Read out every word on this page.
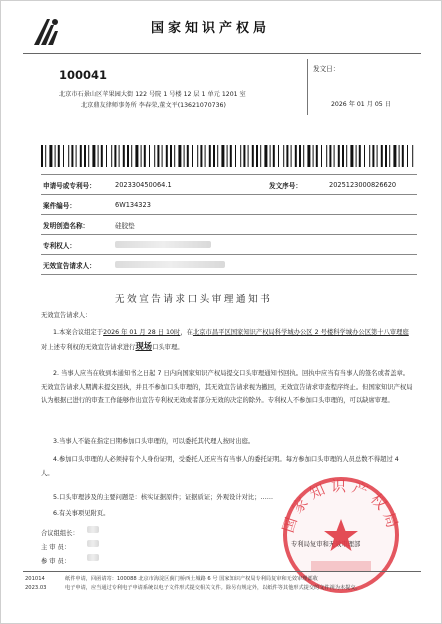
国家知识产权局
100041
北京市石景山区苹果园大街 122 号院 1 号楼 12 层 1 单元 1201 室
北京鼎友律师事务所 李春荣,董文平(13621070736)
发文日：
2026 年 01 月 05 日
申请号或专利号：	202330450064.1	发文序号：	2025123000826620
案件编号：	6W134323		
发明创造名称：	硅胶垫		
专利权人：			
无效宣告请求人：			
无效宣告请求口头审理通知书
无效宣告请求人：
1.本案合议组定于2026 年 01 月 28 日 10时，在北京市昌平区国家知识产权局科学城办公区 2 号楼科学城办公区第十八审理庭对上述专利权的无效宣告请求进行现场口头审理。
2. 当事人应当在收到本通知书之日起 7 日内向国家知识产权局提交口头审理通知书回执。回执中应当有当事人的签名或者盖章。无效宣告请求人期满未提交回执，并且不参加口头审理的，其无效宣告请求视为撤回，无效宣告请求审查程序终止。但国家知识产权局认为根据已进行的审查工作能够作出宣告专利权无效或者部分无效的决定的除外。专利权人不参加口头审理的，可以缺席审理。
3.当事人不能在指定日期参加口头审理的，可以委托其代理人按时出庭。
4.参加口头审理的人必须持有个人身份证明，受委托人还应当有当事人的委托证明。每方参加口头审理的人员总数不得超过 4 人。
5.口头审理涉及的主要问题是：核实证据原件；证据质证；外观设计对比；……
6.有关事项见附页。
合议组组长：
主 审 员：
参 审 员：
国家知识产权局
201014
2023.03
纸件申请，回函请寄：100088 北京市海淀区蓟门桥西土城路 6 号 国家知识产权局专利局复审和无效审理部收
电子申请，应当通过专利电子申请系统以电子文件形式提交相关文件。除另有规定外，以纸件等其他形式提交的文件视为未提交。
